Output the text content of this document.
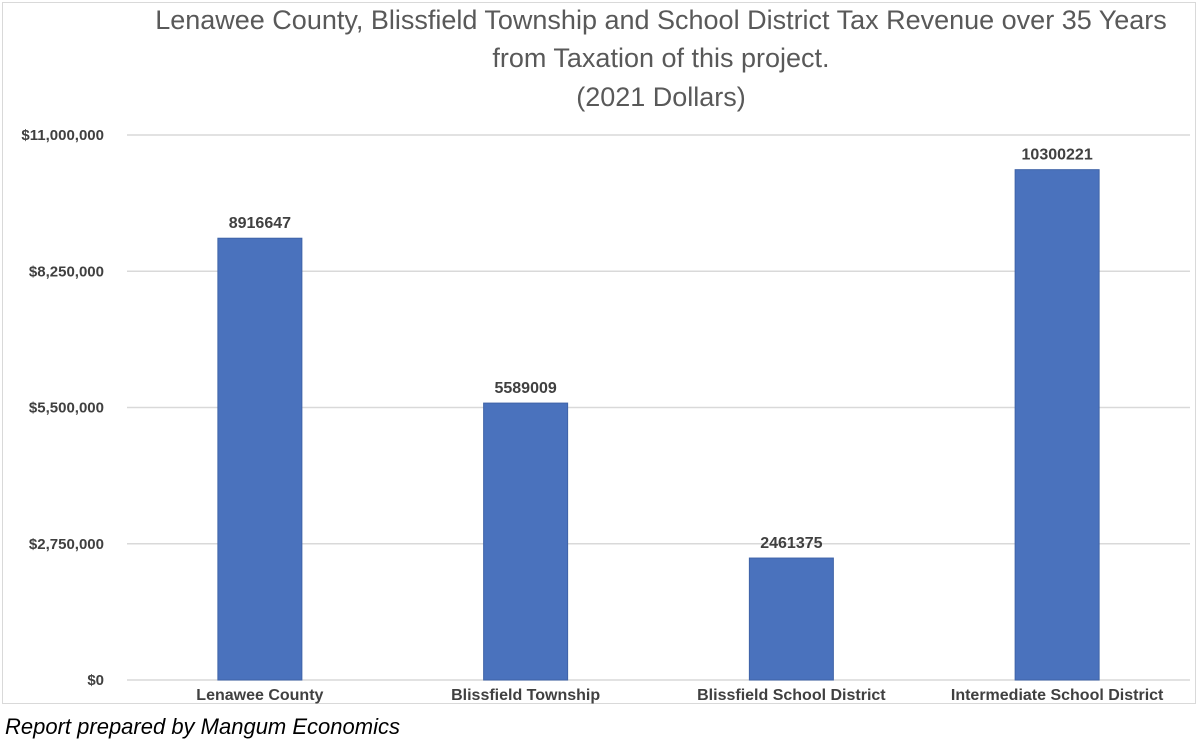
Lenawee County, Blissfield Township and School District Tax Revenue over 35 Years
from Taxation of this project.
(2021 Dollars)
$0
$2,750,000
$5,500,000
$8,250,000
$11,000,000
8916647
5589009
2461375
10300221
Lenawee County	Blissfield Township	Blissfield School District	Intermediate School District
Report prepared by Mangum Economics
